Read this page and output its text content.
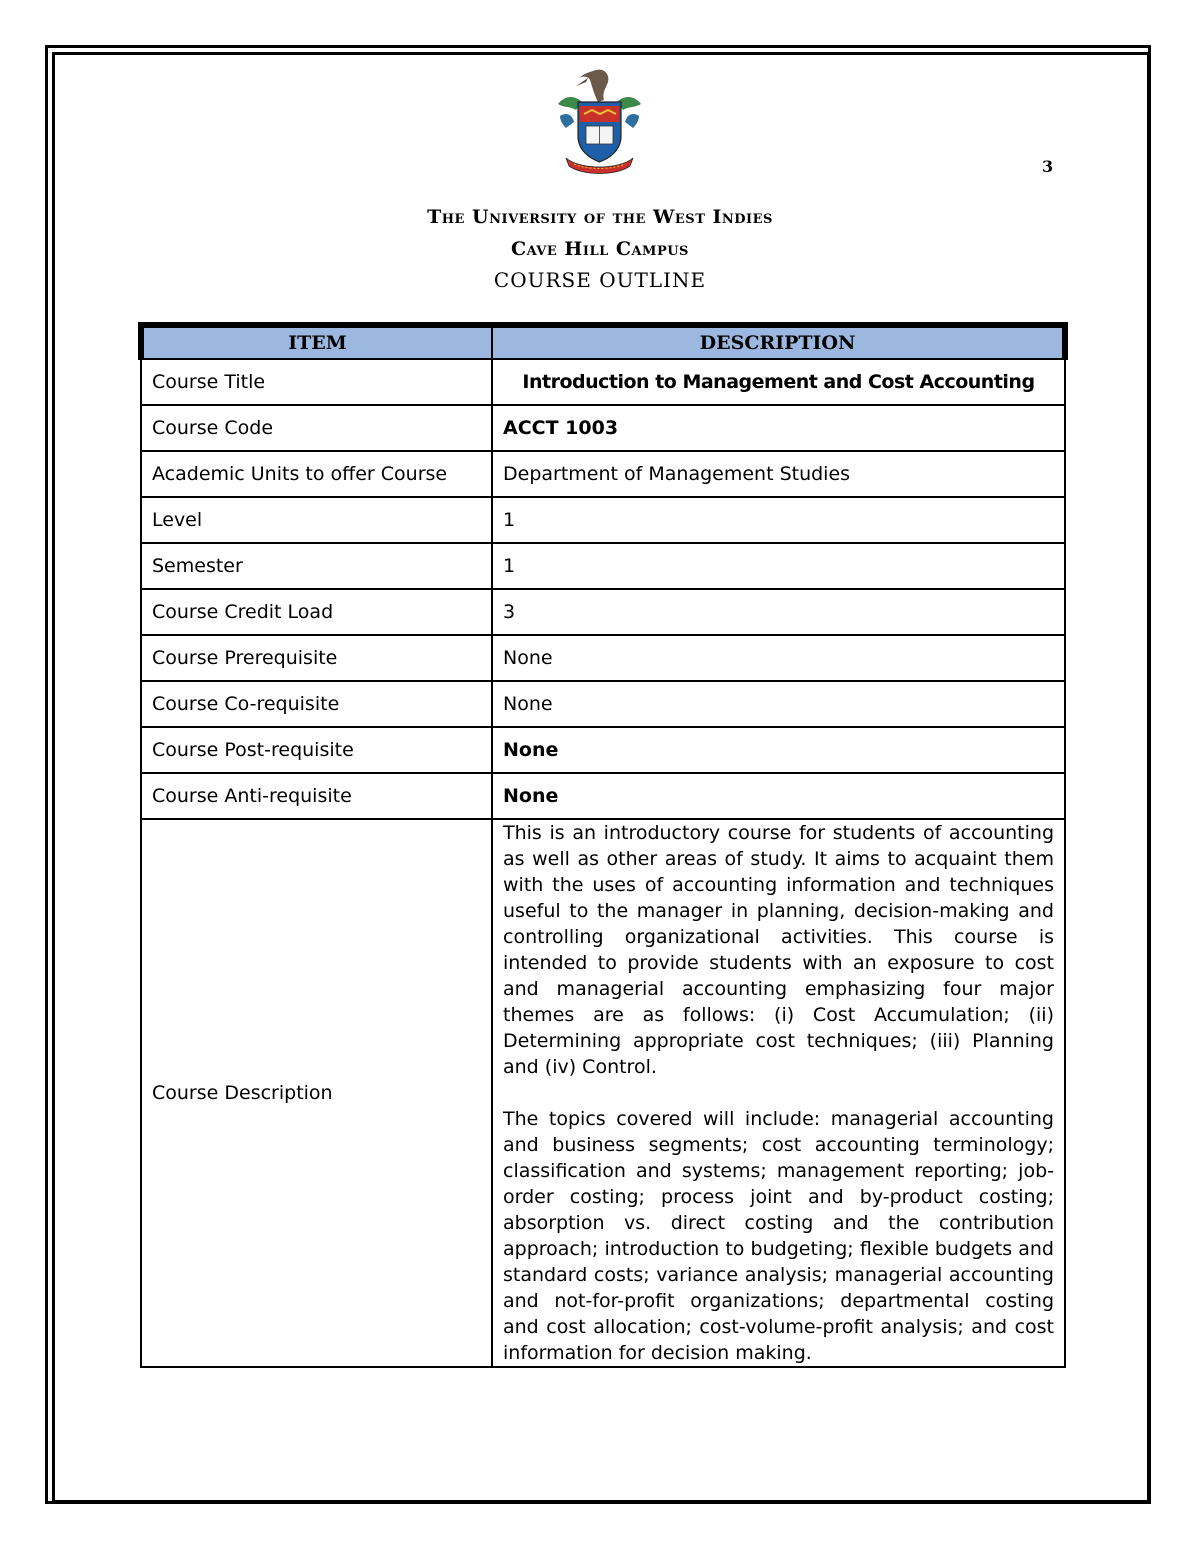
3
The University of the West Indies
Cave Hill Campus
COURSE OUTLINE
ITEM	DESCRIPTION
Course Title	Introduction to Management and Cost Accounting
Course Code	ACCT 1003
Academic Units to offer Course	Department of Management Studies
Level	1
Semester	1
Course Credit Load	3
Course Prerequisite	None
Course Co-requisite	None
Course Post-requisite	None
Course Anti-requisite	None
Course Description	This is an introductory course for students of accounting as well as other areas of study. It aims to acquaint them with the uses of accounting information and techniques useful to the manager in planning, decision-making and controlling organizational activities. This course is intended to provide students with an exposure to cost and managerial accounting emphasizing four major themes are as follows: (i) Cost Accumulation; (ii) Determining appropriate cost techniques; (iii) Planning and (iv) Control.

The topics covered will include: managerial accounting and business segments; cost accounting terminology; classification and systems; management reporting; job-order costing; process joint and by-product costing; absorption vs. direct costing and the contribution approach; introduction to budgeting; flexible budgets and standard costs; variance analysis; managerial accounting and not-for-profit organizations; departmental costing and cost allocation; cost-volume-profit analysis; and cost information for decision making.
